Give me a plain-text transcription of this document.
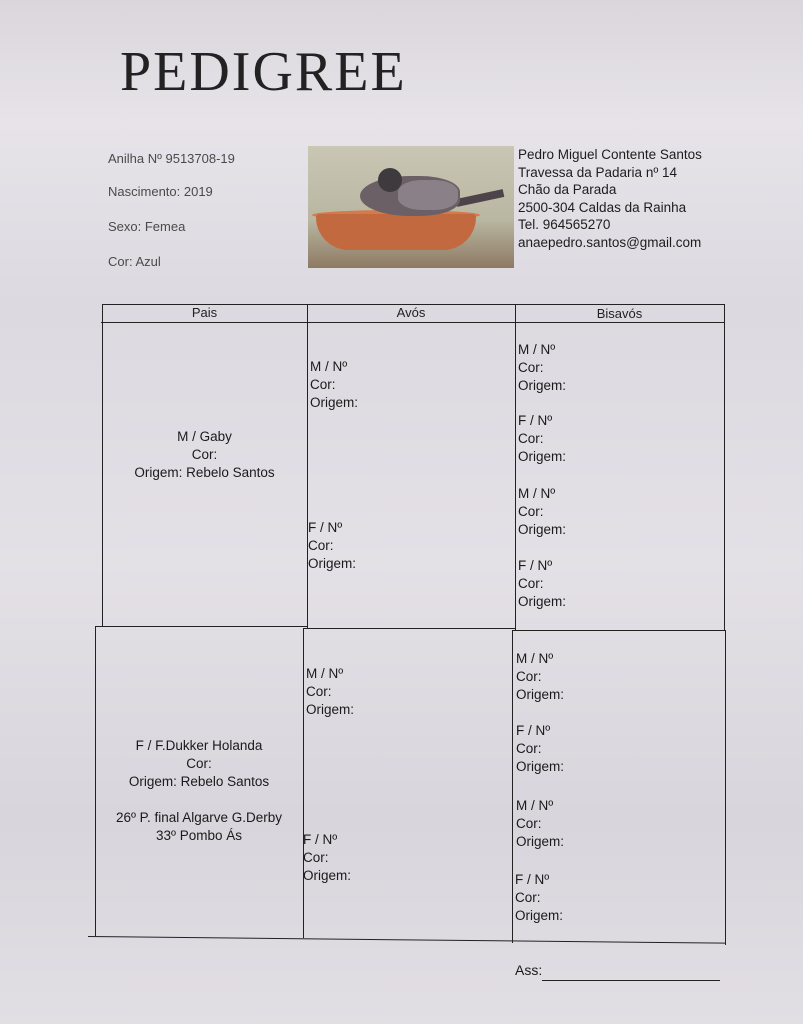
PEDIGREE
Anilha Nº 9513708-19
Nascimento: 2019
Sexo: Femea
Cor: Azul
Pedro Miguel Contente Santos
Travessa da Padaria nº 14
Chão da Parada
2500-304 Caldas da Rainha
Tel. 964565270
anaepedro.santos@gmail.com
Pais	Avós	Bisavós
M / Gaby
Cor:
Origem: Rebelo Santos
F / F.Dukker Holanda
Cor:
Origem: Rebelo Santos
26º P. final Algarve G.Derby
33º Pombo Ás
M / Nº
Cor:
Origem:
F / Nº
Cor:
Origem:
M / Nº
Cor:
Origem:
F / Nº
Cor:
Origem:
M / Nº
Cor:
Origem:
F / Nº
Cor:
Origem:
M / Nº
Cor:
Origem:
F / Nº
Cor:
Origem:
M / Nº
Cor:
Origem:
F / Nº
Cor:
Origem:
M / Nº
Cor:
Origem:
F / Nº
Cor:
Origem:
Ass:
